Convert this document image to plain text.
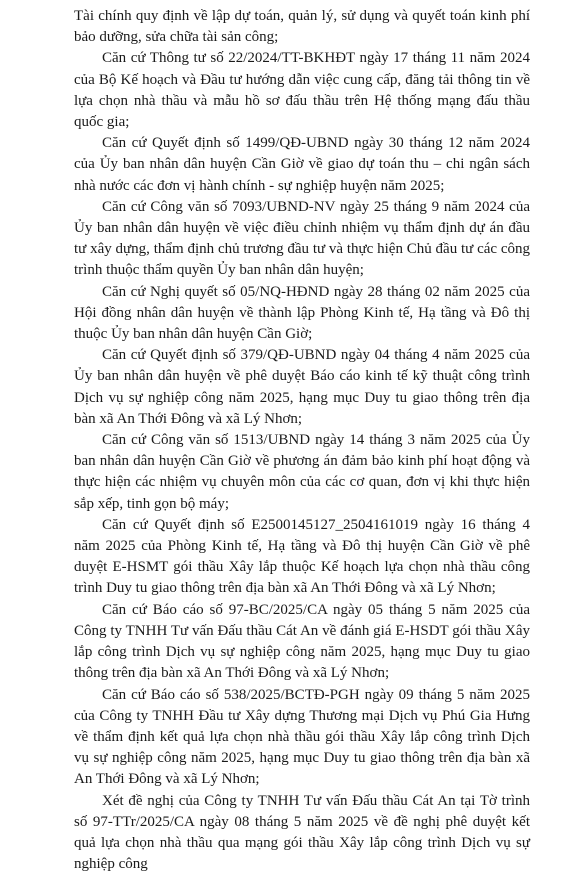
Tài chính quy định về lập dự toán, quản lý, sử dụng và quyết toán kinh phí bảo dưỡng, sửa chữa tài sản công;

Căn cứ Thông tư số 22/2024/TT-BKHĐT ngày 17 tháng 11 năm 2024 của Bộ Kế hoạch và Đầu tư hướng dẫn việc cung cấp, đăng tải thông tin về lựa chọn nhà thầu và mẫu hồ sơ đấu thầu trên Hệ thống mạng đấu thầu quốc gia;

Căn cứ Quyết định số 1499/QĐ-UBND ngày 30 tháng 12 năm 2024 của Ủy ban nhân dân huyện Cần Giờ về giao dự toán thu – chi ngân sách nhà nước các đơn vị hành chính - sự nghiệp huyện năm 2025;

Căn cứ Công văn số 7093/UBND-NV ngày 25 tháng 9 năm 2024 của Ủy ban nhân dân huyện về việc điều chỉnh nhiệm vụ thẩm định dự án đầu tư xây dựng, thẩm định chủ trương đầu tư và thực hiện Chủ đầu tư các công trình thuộc thẩm quyền Ủy ban nhân dân huyện;

Căn cứ Nghị quyết số 05/NQ-HĐND ngày 28 tháng 02 năm 2025 của Hội đồng nhân dân huyện về thành lập Phòng Kinh tế, Hạ tầng và Đô thị thuộc Ủy ban nhân dân huyện Cần Giờ;

Căn cứ Quyết định số 379/QĐ-UBND ngày 04 tháng 4 năm 2025 của Ủy ban nhân dân huyện về phê duyệt Báo cáo kinh tế kỹ thuật công trình Dịch vụ sự nghiệp công năm 2025, hạng mục Duy tu giao thông trên địa bàn xã An Thới Đông và xã Lý Nhơn;

Căn cứ Công văn số 1513/UBND ngày 14 tháng 3 năm 2025 của Ủy ban nhân dân huyện Cần Giờ về phương án đảm bảo kinh phí hoạt động và thực hiện các nhiệm vụ chuyên môn của các cơ quan, đơn vị khi thực hiện sắp xếp, tinh gọn bộ máy;

Căn cứ Quyết định số E2500145127_2504161019 ngày 16 tháng 4 năm 2025 của Phòng Kinh tế, Hạ tầng và Đô thị huyện Cần Giờ về phê duyệt E-HSMT gói thầu Xây lắp thuộc Kế hoạch lựa chọn nhà thầu công trình Duy tu giao thông trên địa bàn xã An Thới Đông và xã Lý Nhơn;

Căn cứ Báo cáo số 97-BC/2025/CA ngày 05 tháng 5 năm 2025 của Công ty TNHH Tư vấn Đấu thầu Cát An về đánh giá E-HSDT gói thầu Xây lắp công trình Dịch vụ sự nghiệp công năm 2025, hạng mục Duy tu giao thông trên địa bàn xã An Thới Đông và xã Lý Nhơn;

Căn cứ Báo cáo số 538/2025/BCTĐ-PGH ngày 09 tháng 5 năm 2025 của Công ty TNHH Đầu tư Xây dựng Thương mại Dịch vụ Phú Gia Hưng về thẩm định kết quả lựa chọn nhà thầu gói thầu Xây lắp công trình Dịch vụ sự nghiệp công năm 2025, hạng mục Duy tu giao thông trên địa bàn xã An Thới Đông và xã Lý Nhơn;

Xét đề nghị của Công ty TNHH Tư vấn Đấu thầu Cát An tại Tờ trình số 97-TTr/2025/CA ngày 08 tháng 5 năm 2025 về đề nghị phê duyệt kết quả lựa chọn nhà thầu qua mạng gói thầu Xây lắp công trình Dịch vụ sự nghiệp công
